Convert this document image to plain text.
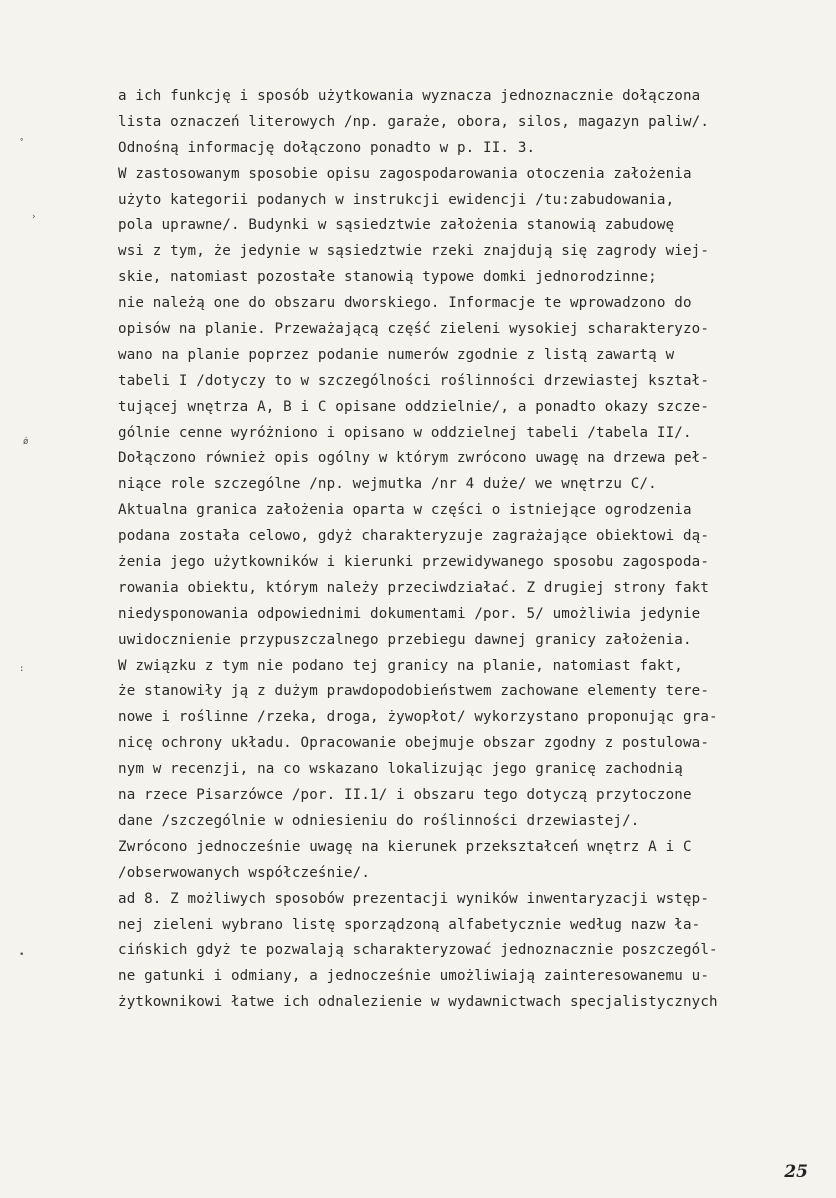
˚
›
ǿ
:
•
a ich funkcję i sposób użytkowania wyznacza jednoznacznie dołączona
lista oznaczeń literowych /np. garaże, obora, silos, magazyn paliw/.
Odnośną informację dołączono ponadto w p. II. 3.
W zastosowanym sposobie opisu zagospodarowania otoczenia założenia
użyto kategorii podanych w instrukcji ewidencji /tu:zabudowania,
pola uprawne/. Budynki w sąsiedztwie założenia stanowią zabudowę
wsi z tym, że jedynie w sąsiedztwie rzeki znajdują się zagrody wiej-
skie, natomiast pozostałe stanowią typowe domki jednorodzinne;
nie należą one do obszaru dworskiego. Informacje te wprowadzono do
opisów na planie. Przeważającą część zieleni wysokiej scharakteryzo-
wano na planie poprzez podanie numerów zgodnie z listą zawartą w
tabeli I /dotyczy to w szczególności roślinności drzewiastej kształ-
tującej wnętrza A, B i C opisane oddzielnie/, a ponadto okazy szcze-
gólnie cenne wyróżniono i opisano w oddzielnej tabeli /tabela II/.
Dołączono również opis ogólny w którym zwrócono uwagę na drzewa peł-
niące role szczególne /np. wejmutka /nr 4 duże/ we wnętrzu C/.
Aktualna granica założenia oparta w części o istniejące ogrodzenia
podana została celowo, gdyż charakteryzuje zagrażające obiektowi dą-
żenia jego użytkowników i kierunki przewidywanego sposobu zagospoda-
rowania obiektu, którym należy przeciwdziałać. Z drugiej strony fakt
niedysponowania odpowiednimi dokumentami /por. 5/ umożliwia jedynie
uwidocznienie przypuszczalnego przebiegu dawnej granicy założenia.
W związku z tym nie podano tej granicy na planie, natomiast fakt,
że stanowiły ją z dużym prawdopodobieństwem zachowane elementy tere-
nowe i roślinne /rzeka, droga, żywopłot/ wykorzystano proponując gra-
nicę ochrony układu. Opracowanie obejmuje obszar zgodny z postulowa-
nym w recenzji, na co wskazano lokalizując jego granicę zachodnią
na rzece Pisarzówce /por. II.1/ i obszaru tego dotyczą przytoczone
dane /szczególnie w odniesieniu do roślinności drzewiastej/.
Zwrócono jednocześnie uwagę na kierunek przekształceń wnętrz A i C
/obserwowanych współcześnie/.
ad 8. Z możliwych sposobów prezentacji wyników inwentaryzacji wstęp-
nej zieleni wybrano listę sporządzoną alfabetycznie według nazw ła-
cińskich gdyż te pozwalają scharakteryzować jednoznacznie poszczegól-
ne gatunki i odmiany, a jednocześnie umożliwiają zainteresowanemu u-
żytkownikowi łatwe ich odnalezienie w wydawnictwach specjalistycznych
25
